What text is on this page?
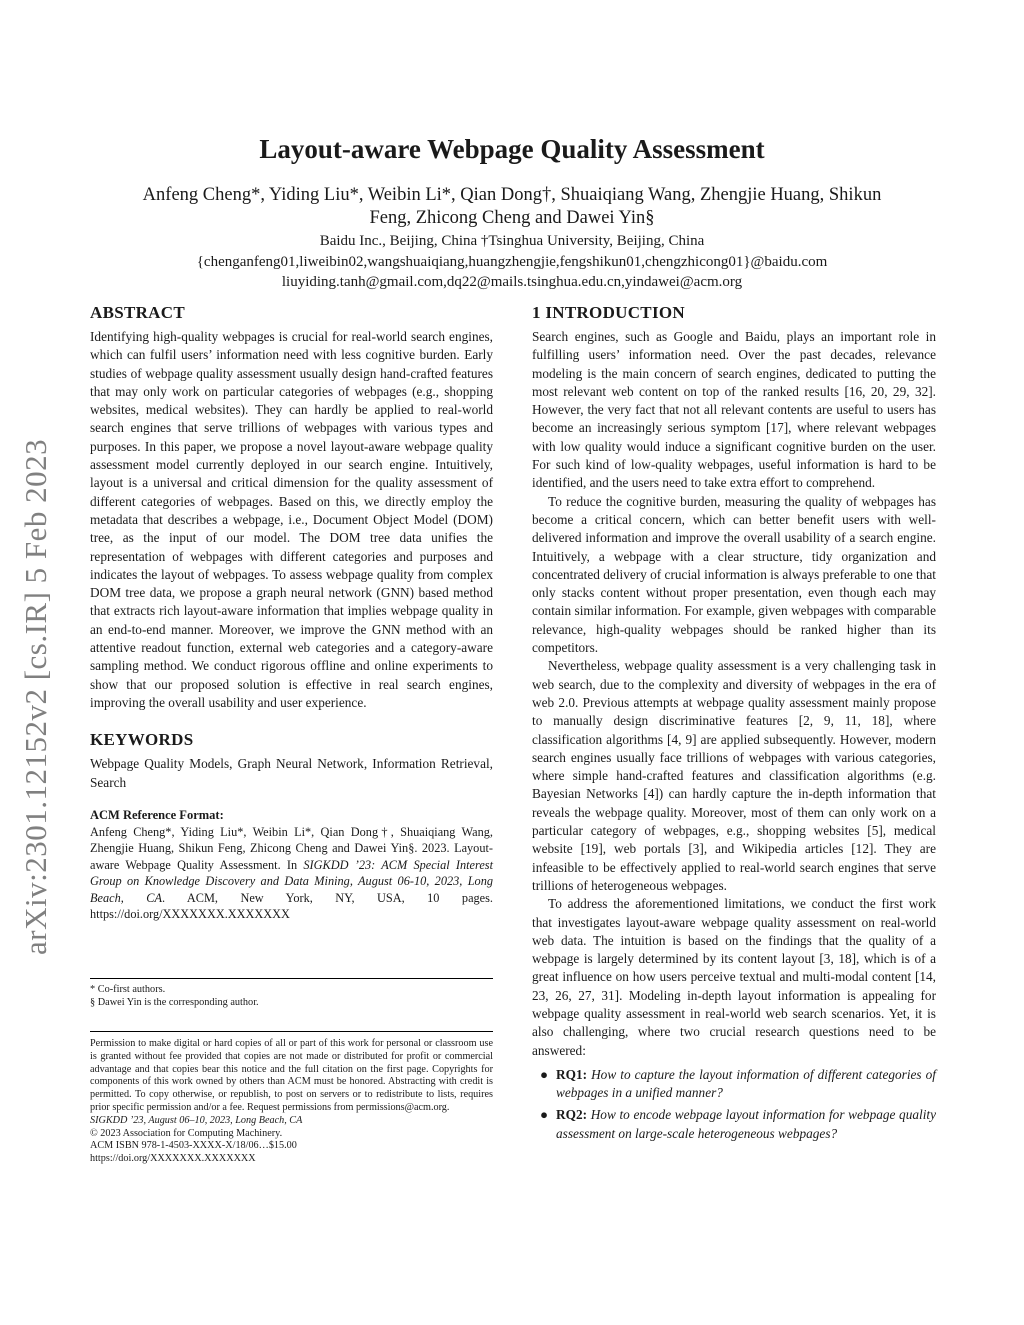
arXiv:2301.12152v2 [cs.IR] 5 Feb 2023
Layout-aware Webpage Quality Assessment
Anfeng Cheng*, Yiding Liu*, Weibin Li*, Qian Dong†, Shuaiqiang Wang, Zhengjie Huang, Shikun
Feng, Zhicong Cheng and Dawei Yin§
Baidu Inc., Beijing, China †Tsinghua University, Beijing, China
{chenganfeng01,liweibin02,wangshuaiqiang,huangzhengjie,fengshikun01,chengzhicong01}@baidu.com
liuyiding.tanh@gmail.com,dq22@mails.tsinghua.edu.cn,yindawei@acm.org
ABSTRACT

Identifying high-quality webpages is crucial for real-world search engines, which can fulfil users’ information need with less cognitive burden. Early studies of webpage quality assessment usually design hand-crafted features that may only work on particular categories of webpages (e.g., shopping websites, medical websites). They can hardly be applied to real-world search engines that serve trillions of webpages with various types and purposes. In this paper, we propose a novel layout-aware webpage quality assessment model currently deployed in our search engine. Intuitively, layout is a universal and critical dimension for the quality assessment of different categories of webpages. Based on this, we directly employ the metadata that describes a webpage, i.e., Document Object Model (DOM) tree, as the input of our model. The DOM tree data unifies the representation of webpages with different categories and purposes and indicates the layout of webpages. To assess webpage quality from complex DOM tree data, we propose a graph neural network (GNN) based method that extracts rich layout-aware information that implies webpage quality in an end-to-end manner. Moreover, we improve the GNN method with an attentive readout function, external web categories and a category-aware sampling method. We conduct rigorous offline and online experiments to show that our proposed solution is effective in real search engines, improving the overall usability and user experience.

KEYWORDS

Webpage Quality Models, Graph Neural Network, Information Retrieval, Search

ACM Reference Format:

Anfeng Cheng*, Yiding Liu*, Weibin Li*, Qian Dong†, Shuaiqiang Wang, Zhengjie Huang, Shikun Feng, Zhicong Cheng and Dawei Yin§. 2023. Layout-aware Webpage Quality Assessment. In SIGKDD ’23: ACM Special Interest Group on Knowledge Discovery and Data Mining, August 06-10, 2023, Long Beach, CA. ACM, New York, NY, USA, 10 pages. https://doi.org/XXXXXXX.XXXXXXX

* Co-first authors.
§ Dawei Yin is the corresponding author.

Permission to make digital or hard copies of all or part of this work for personal or classroom use is granted without fee provided that copies are not made or distributed for profit or commercial advantage and that copies bear this notice and the full citation on the first page. Copyrights for components of this work owned by others than ACM must be honored. Abstracting with credit is permitted. To copy otherwise, or republish, to post on servers or to redistribute to lists, requires prior specific permission and/or a fee. Request permissions from permissions@acm.org.

SIGKDD ’23, August 06–10, 2023, Long Beach, CA
© 2023 Association for Computing Machinery.
ACM ISBN 978-1-4503-XXXX-X/18/06…$15.00
https://doi.org/XXXXXXX.XXXXXXX
1 INTRODUCTION

Search engines, such as Google and Baidu, plays an important role in fulfilling users’ information need. Over the past decades, relevance modeling is the main concern of search engines, dedicated to putting the most relevant web content on top of the ranked results [16, 20, 29, 32]. However, the very fact that not all relevant contents are useful to users has become an increasingly serious symptom [17], where relevant webpages with low quality would induce a significant cognitive burden on the user. For such kind of low-quality webpages, useful information is hard to be identified, and the users need to take extra effort to comprehend.

To reduce the cognitive burden, measuring the quality of webpages has become a critical concern, which can better benefit users with well-delivered information and improve the overall usability of a search engine. Intuitively, a webpage with a clear structure, tidy organization and concentrated delivery of crucial information is always preferable to one that only stacks content without proper presentation, even though each may contain similar information. For example, given webpages with comparable relevance, high-quality webpages should be ranked higher than its competitors.

Nevertheless, webpage quality assessment is a very challenging task in web search, due to the complexity and diversity of webpages in the era of web 2.0. Previous attempts at webpage quality assessment mainly propose to manually design discriminative features [2, 9, 11, 18], where classification algorithms [4, 9] are applied subsequently. However, modern search engines usually face trillions of webpages with various categories, where simple hand-crafted features and classification algorithms (e.g. Bayesian Networks [4]) can hardly capture the in-depth information that reveals the webpage quality. Moreover, most of them can only work on a particular category of webpages, e.g., shopping websites [5], medical website [19], web portals [3], and Wikipedia articles [12]. They are infeasible to be effectively applied to real-world search engines that serve trillions of heterogeneous webpages.

To address the aforementioned limitations, we conduct the first work that investigates layout-aware webpage quality assessment on real-world web data. The intuition is based on the findings that the quality of a webpage is largely determined by its content layout [3, 18], which is of a great influence on how users perceive textual and multi-modal content [14, 23, 26, 27, 31]. Modeling in-depth layout information is appealing for webpage quality assessment in real-world web search scenarios. Yet, it is also challenging, where two crucial research questions need to be answered:

● RQ1: How to capture the layout information of different categories of webpages in a unified manner?
● RQ2: How to encode webpage layout information for webpage quality assessment on large-scale heterogeneous webpages?
